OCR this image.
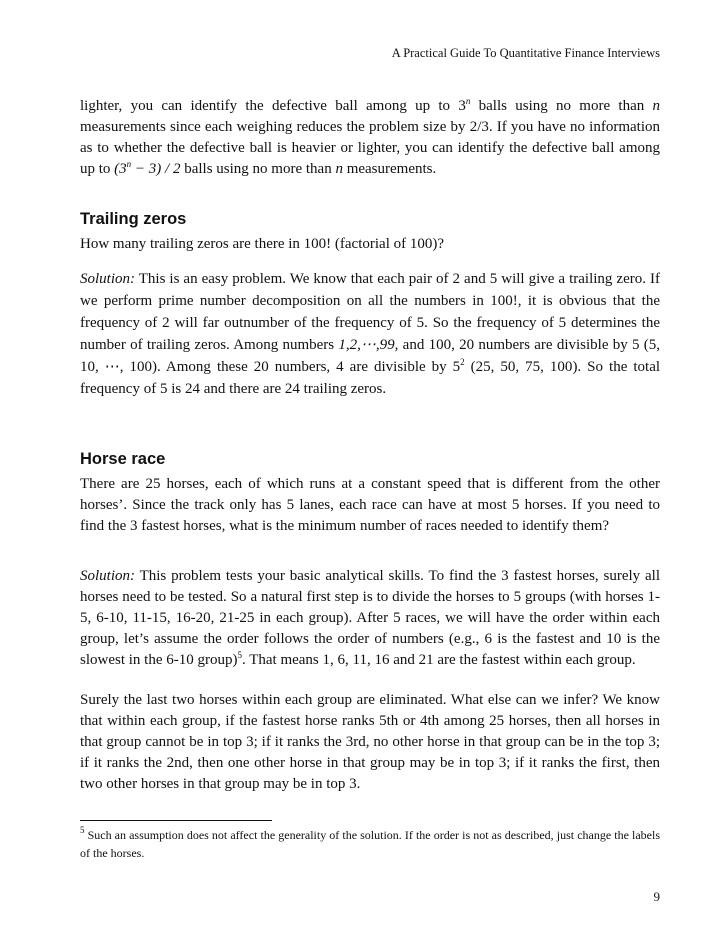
A Practical Guide To Quantitative Finance Interviews

lighter, you can identify the defective ball among up to 3$^n$ balls using no more than n measurements since each weighing reduces the problem size by 2/3. If you have no information as to whether the defective ball is heavier or lighter, you can identify the defective ball among up to $(3^n - 3) / 2$ balls using no more than n measurements.

Trailing zeros

How many trailing zeros are there in 100! (factorial of 100)?

Solution: This is an easy problem. We know that each pair of 2 and 5 will give a trailing zero. If we perform prime number decomposition on all the numbers in 100!, it is obvious that the frequency of 2 will far outnumber of the frequency of 5. So the frequency of 5 determines the number of trailing zeros. Among numbers 1,2,⋯,99, and 100, 20 numbers are divisible by 5 (5, 10, ⋯, 100). Among these 20 numbers, 4 are divisible by $5^2$ (25, 50, 75, 100). So the total frequency of 5 is 24 and there are 24 trailing zeros.

Horse race

There are 25 horses, each of which runs at a constant speed that is different from the other horses’. Since the track only has 5 lanes, each race can have at most 5 horses. If you need to find the 3 fastest horses, what is the minimum number of races needed to identify them?

Solution: This problem tests your basic analytical skills. To find the 3 fastest horses, surely all horses need to be tested. So a natural first step is to divide the horses to 5 groups (with horses 1-5, 6-10, 11-15, 16-20, 21-25 in each group). After 5 races, we will have the order within each group, let’s assume the order follows the order of numbers (e.g., 6 is the fastest and 10 is the slowest in the 6-10 group)$^5$. That means 1, 6, 11, 16 and 21 are the fastest within each group.

Surely the last two horses within each group are eliminated. What else can we infer? We know that within each group, if the fastest horse ranks 5th or 4th among 25 horses, then all horses in that group cannot be in top 3; if it ranks the 3rd, no other horse in that group can be in the top 3; if it ranks the 2nd, then one other horse in that group may be in top 3; if it ranks the first, then two other horses in that group may be in top 3.

$^5$ Such an assumption does not affect the generality of the solution. If the order is not as described, just change the labels of the horses.

9
